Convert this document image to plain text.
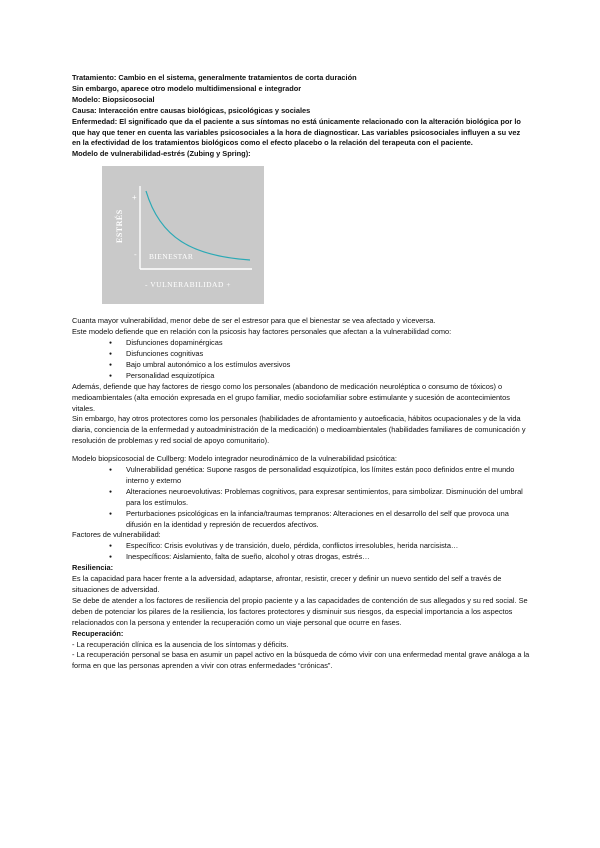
Tratamiento: Cambio en el sistema, generalmente tratamientos de corta duración

Sin embargo, aparece otro modelo multidimensional e integrador

Modelo: Biopsicosocial

Causa: Interacción entre causas biológicas, psicológicas y sociales

Enfermedad: El significado que da el paciente a sus síntomas no está únicamente relacionado con la alteración biológica por lo que hay que tener en cuenta las variables psicosociales a la hora de diagnosticar. Las variables psicosociales influyen a su vez en la efectividad de los tratamientos biológicos como el efecto placebo o la relación del terapeuta con el paciente.

Modelo de vulnerabilidad-estrés (Zubing y Spring):

ESTRÉS
+
- BIENESTAR
- VULNERABILIDAD +

Cuanta mayor vulnerabilidad, menor debe de ser el estresor para que el bienestar se vea afectado y viceversa.

Este modelo defiende que en relación con la psicosis hay factores personales que afectan a la vulnerabilidad como:

● Disfunciones dopaminérgicas
● Disfunciones cognitivas
● Bajo umbral autonómico a los estímulos aversivos
● Personalidad esquizotípica

Además, defiende que hay factores de riesgo como los personales (abandono de medicación neuroléptica o consumo de tóxicos) o medioambientales (alta emoción expresada en el grupo familiar, medio sociofamiliar sobre estimulante y sucesión de acontecimientos vitales.

Sin embargo, hay otros protectores como los personales (habilidades de afrontamiento y autoeficacia, hábitos ocupacionales y de la vida diaria, conciencia de la enfermedad y autoadministración de la medicación) o medioambientales (habilidades familiares de comunicación y resolución de problemas y red social de apoyo comunitario).

Modelo biopsicosocial de Cullberg: Modelo integrador neurodinámico de la vulnerabilidad psicótica:

● Vulnerabilidad genética: Supone rasgos de personalidad esquizotípica, los límites están poco definidos entre el mundo interno y externo
● Alteraciones neuroevolutivas: Problemas cognitivos, para expresar sentimientos, para simbolizar. Disminución del umbral para los estímulos.
● Perturbaciones psicológicas en la infancia/traumas tempranos: Alteraciones en el desarrollo del self que provoca una difusión en la identidad y represión de recuerdos afectivos.

Factores de vulnerabilidad:

● Específico: Crisis evolutivas y de transición, duelo, pérdida, conflictos irresolubles, herida narcisista…
● Inespecíficos: Aislamiento, falta de sueño, alcohol y otras drogas, estrés…

Resiliencia:

Es la capacidad para hacer frente a la adversidad, adaptarse, afrontar, resistir, crecer y definir un nuevo sentido del self a través de situaciones de adversidad.

Se debe de atender a los factores de resiliencia del propio paciente y a las capacidades de contención de sus allegados y su red social. Se deben de potenciar los pilares de la resiliencia, los factores protectores y disminuir sus riesgos, da especial importancia a los aspectos relacionados con la persona y entender la recuperación como un viaje personal que ocurre en fases.

Recuperación:

- La recuperación clínica es la ausencia de los síntomas y déficits.

- La recuperación personal se basa en asumir un papel activo en la búsqueda de cómo vivir con una enfermedad mental grave análoga a la forma en que las personas aprenden a vivir con otras enfermedades “crónicas”.
